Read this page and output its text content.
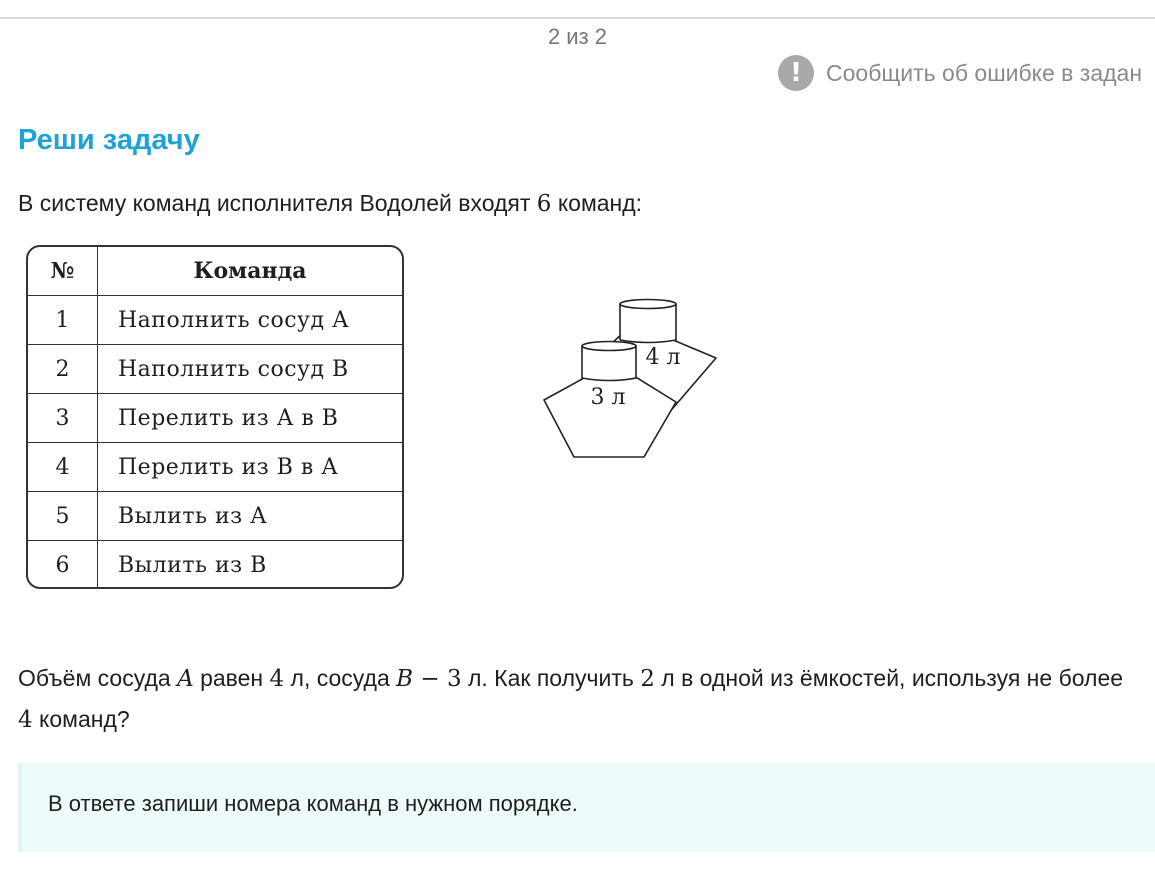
2 из 2
!	Сообщить об ошибке в задан
Реши задачу
В систему команд исполнителя Водолей входят 6 команд:
№	Команда
1	Наполнить сосуд А
2	Наполнить сосуд В
3	Перелить из А в В
4	Перелить из В в А
5	Вылить из А
6	Вылить из В
4 л
3 л
Объём сосуда A равен 4 л, сосуда B − 3 л. Как получить 2 л в одной из ёмкостей, используя не более 4 команд?
В ответе запиши номера команд в нужном порядке.
